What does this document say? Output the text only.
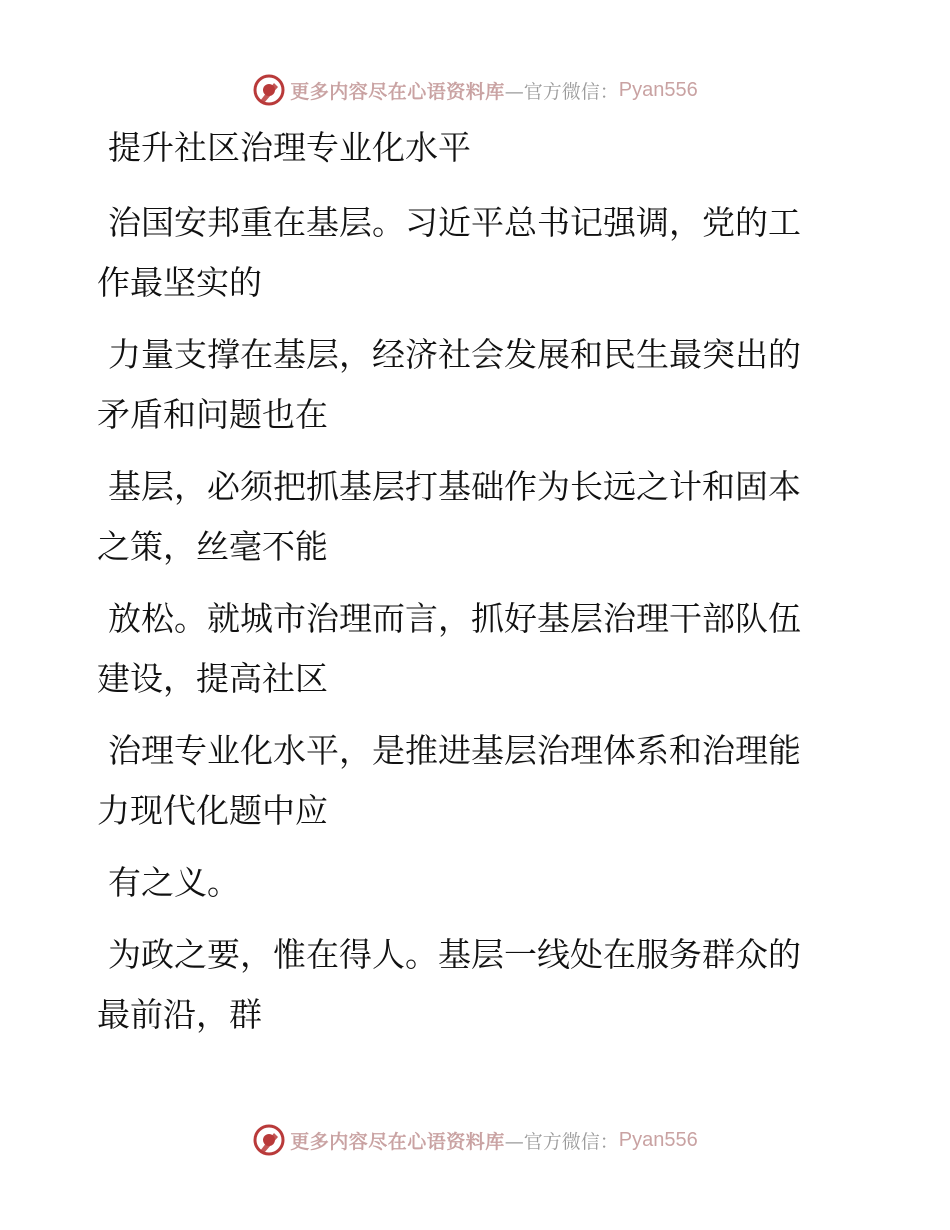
更多内容尽在心语资料库 —官方微信： Pyan556
提升社区治理专业化水平
治国安邦重在基层。习近平总书记强调，党的工
作最坚实的
力量支撑在基层，经济社会发展和民生最突出的
矛盾和问题也在
基层，必须把抓基层打基础作为长远之计和固本
之策，丝毫不能
放松。就城市治理而言，抓好基层治理干部队伍
建设，提高社区
治理专业化水平，是推进基层治理体系和治理能
力现代化题中应
有之义。
为政之要，惟在得人。基层一线处在服务群众的
最前沿，群
更多内容尽在心语资料库 —官方微信： Pyan556
